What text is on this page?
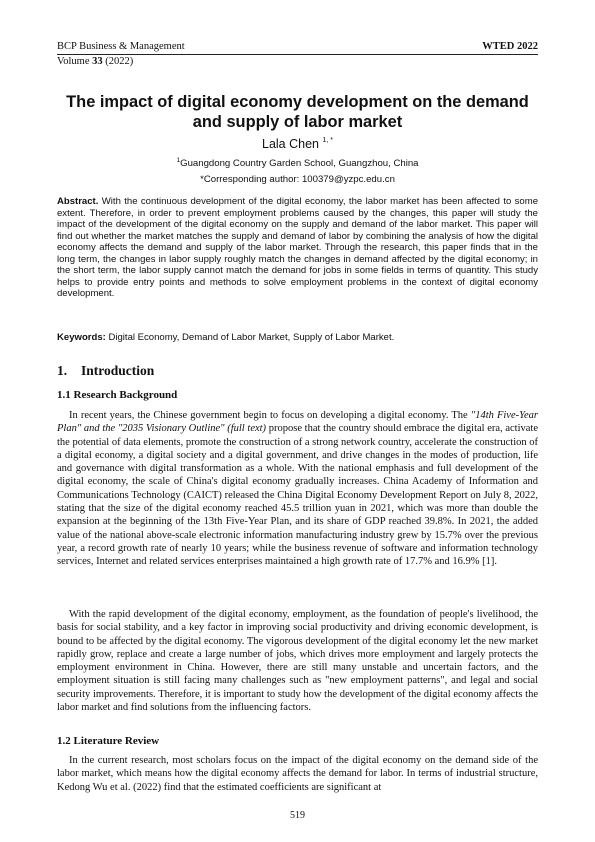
BCP Business & Management	WTED 2022
Volume 33 (2022)
The impact of digital economy development on the demand and supply of labor market
Lala Chen $^{1, *}$
$^1$Guangdong Country Garden School, Guangzhou, China
*Corresponding author: 100379@yzpc.edu.cn
Abstract. With the continuous development of the digital economy, the labor market has been affected to some extent. Therefore, in order to prevent employment problems caused by the changes, this paper will study the impact of the development of the digital economy on the supply and demand of the labor market. This paper will find out whether the market matches the supply and demand of labor by combining the analysis of how the digital economy affects the demand and supply of the labor market. Through the research, this paper finds that in the long term, the changes in labor supply roughly match the changes in demand affected by the digital economy; in the short term, the labor supply cannot match the demand for jobs in some fields in terms of quantity. This study helps to provide entry points and methods to solve employment problems in the context of digital economy development.
Keywords: Digital Economy, Demand of Labor Market, Supply of Labor Market.
1. Introduction
1.1 Research Background

In recent years, the Chinese government begin to focus on developing a digital economy. The "14th Five-Year Plan" and the "2035 Visionary Outline" (full text) propose that the country should embrace the digital era, activate the potential of data elements, promote the construction of a strong network country, accelerate the construction of a digital economy, a digital society and a digital government, and drive changes in the modes of production, life and governance with digital transformation as a whole. With the national emphasis and full development of the digital economy, the scale of China's digital economy gradually increases. China Academy of Information and Communications Technology (CAICT) released the China Digital Economy Development Report on July 8, 2022, stating that the size of the digital economy reached 45.5 trillion yuan in 2021, which was more than double the expansion at the beginning of the 13th Five-Year Plan, and its share of GDP reached 39.8%. In 2021, the added value of the national above-scale electronic information manufacturing industry grew by 15.7% over the previous year, a record growth rate of nearly 10 years; while the business revenue of software and information technology services, Internet and related services enterprises maintained a high growth rate of 17.7% and 16.9% [1].

With the rapid development of the digital economy, employment, as the foundation of people's livelihood, the basis for social stability, and a key factor in improving social productivity and driving economic development, is bound to be affected by the digital economy. The vigorous development of the digital economy let the new market rapidly grow, replace and create a large number of jobs, which drives more employment and largely protects the employment environment in China. However, there are still many unstable and uncertain factors, and the employment situation is still facing many challenges such as "new employment patterns", and legal and social security improvements. Therefore, it is important to study how the development of the digital economy affects the labor market and find solutions from the influencing factors.

1.2 Literature Review

In the current research, most scholars focus on the impact of the digital economy on the demand side of the labor market, which means how the digital economy affects the demand for labor. In terms of industrial structure, Kedong Wu et al. (2022) find that the estimated coefficients are significant at

519
